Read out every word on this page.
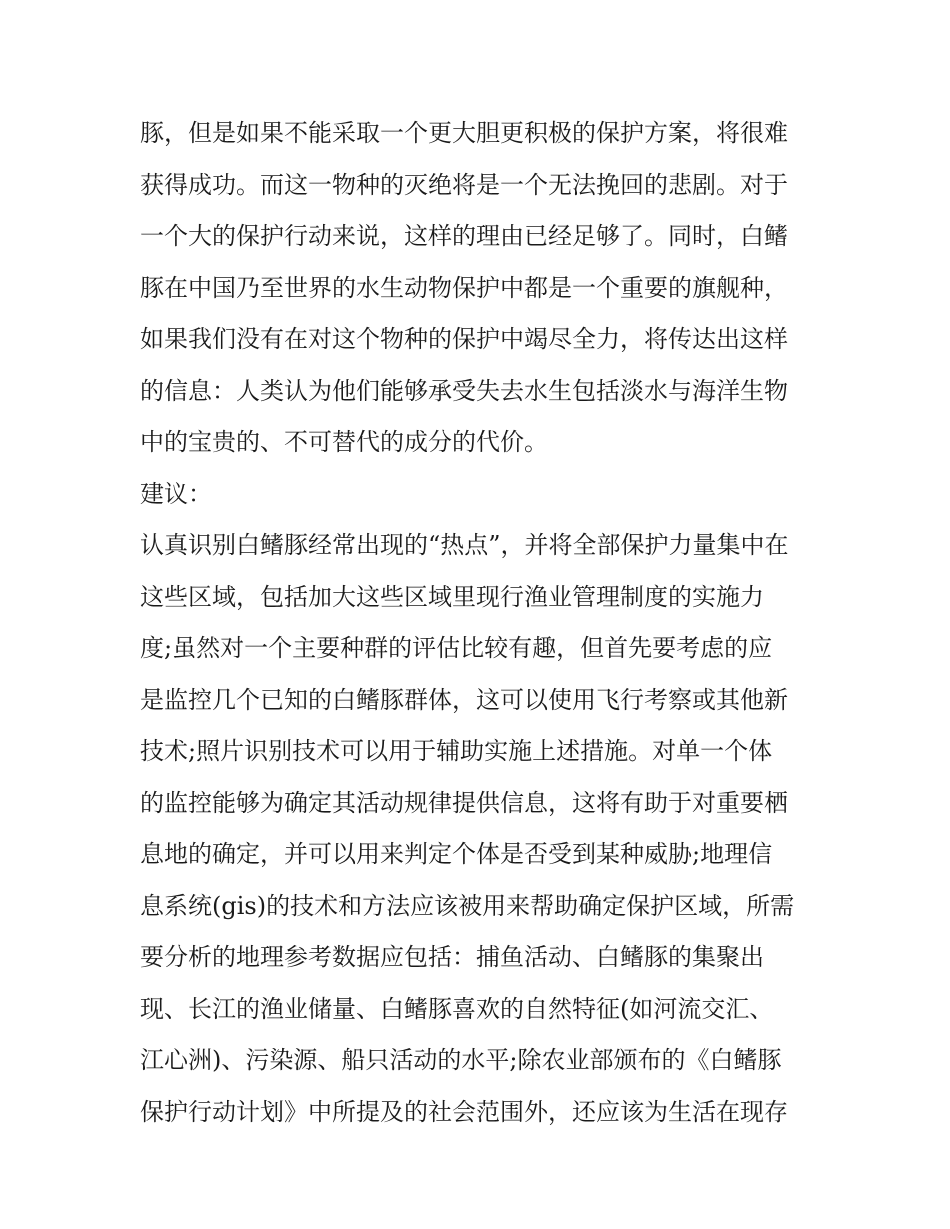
豚，但是如果不能采取一个更大胆更积极的保护方案，将很难
获得成功。而这一物种的灭绝将是一个无法挽回的悲剧。对于
一个大的保护行动来说，这样的理由已经足够了。同时，白鳍
豚在中国乃至世界的水生动物保护中都是一个重要的旗舰种，
如果我们没有在对这个物种的保护中竭尽全力，将传达出这样
的信息：人类认为他们能够承受失去水生包括淡水与海洋生物
中的宝贵的、不可替代的成分的代价。
建议：
认真识别白鳍豚经常出现的“热点”，并将全部保护力量集中在
这些区域，包括加大这些区域里现行渔业管理制度的实施力
度;虽然对一个主要种群的评估比较有趣，但首先要考虑的应
是监控几个已知的白鳍豚群体，这可以使用飞行考察或其他新
技术;照片识别技术可以用于辅助实施上述措施。对单一个体
的监控能够为确定其活动规律提供信息，这将有助于对重要栖
息地的确定，并可以用来判定个体是否受到某种威胁;地理信
息系统(gis)的技术和方法应该被用来帮助确定保护区域，所需
要分析的地理参考数据应包括：捕鱼活动、白鳍豚的集聚出
现、长江的渔业储量、白鳍豚喜欢的自然特征(如河流交汇、
江心洲)、污染源、船只活动的水平;除农业部颁布的《白鳍豚
保护行动计划》中所提及的社会范围外，还应该为生活在现存
